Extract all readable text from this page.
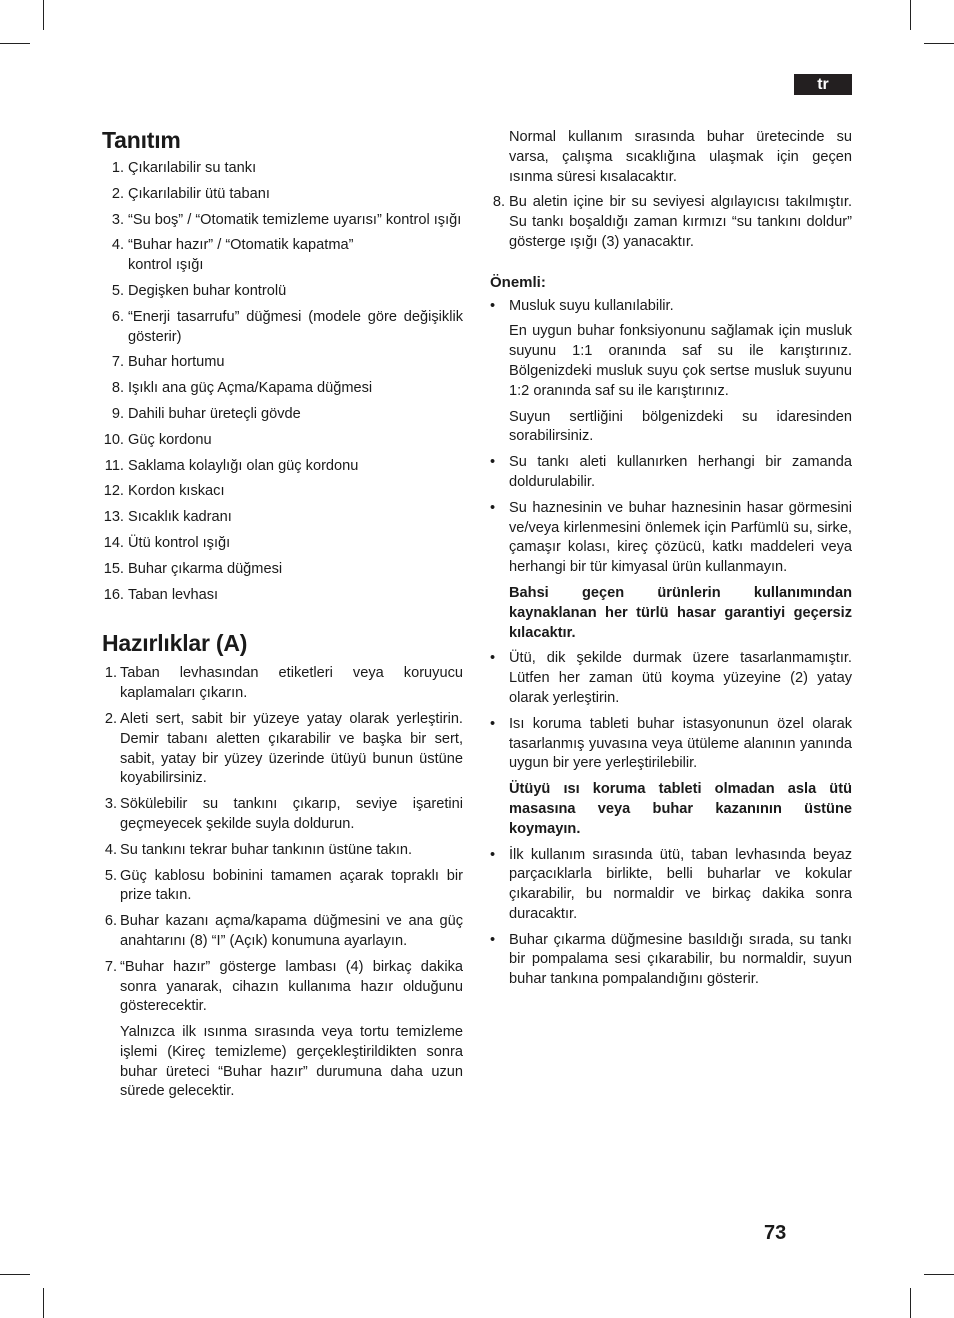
tr
Tanıtım
1. Çıkarılabilir su tankı
2. Çıkarılabilir ütü tabanı
3. “Su boş” / “Otomatik temizleme uyarısı” kontrol ışığı
4. “Buhar hazır” / “Otomatik kapatma” kontrol ışığı
5. Degişken buhar kontrolü
6. “Enerji tasarrufu” düğmesi (modele göre değişiklik gösterir)
7. Buhar hortumu
8. Işıklı ana güç Açma/Kapama düğmesi
9. Dahili buhar üreteçli gövde
10. Güç kordonu
11. Saklama kolaylığı olan güç kordonu
12. Kordon kıskacı
13. Sıcaklık kadranı
14. Ütü kontrol ışığı
15. Buhar çıkarma düğmesi
16. Taban levhası
Hazırlıklar (A)
1. Taban levhasından etiketleri veya koruyucu kaplamaları çıkarın.
2. Aleti sert, sabit bir yüzeye yatay olarak yerleştirin. Demir tabanı aletten çıkarabilir ve başka bir sert, sabit, yatay bir yüzey üzerinde ütüyü bunun üstüne koyabilirsiniz.
3. Sökülebilir su tankını çıkarıp, seviye işaretini geçmeyecek şekilde suyla doldurun.
4. Su tankını tekrar buhar tankının üstüne takın.
5. Güç kablosu bobinini tamamen açarak topraklı bir prize takın.
6. Buhar kazanı açma/kapama düğmesini ve ana güç anahtarını (8) “I” (Açık) konumuna ayarlayın.
7. “Buhar hazır” gösterge lambası (4) birkaç dakika sonra yanarak, cihazın kullanıma hazır olduğunu gösterecektir.

Yalnızca ilk ısınma sırasında veya tortu temizleme işlemi (Kireç temizleme) gerçekleştirildikten sonra buhar üreteci “Buhar hazır” durumuna daha uzun sürede gelecektir.

Normal kullanım sırasında buhar üretecinde su varsa, çalışma sıcaklığına ulaşmak için geçen ısınma süresi kısalacaktır.

8. Bu aletin içine bir su seviyesi algılayıcısı takılmıştır. Su tankı boşaldığı zaman kırmızı “su tankını doldur” gösterge ışığı (3) yanacaktır.

Önemli:

• Musluk suyu kullanılabilir.

En uygun buhar fonksiyonunu sağlamak için musluk suyunu 1:1 oranında saf su ile karıştırınız. Bölgenizdeki musluk suyu çok sertse musluk suyunu 1:2 oranında saf su ile karıştırınız.

Suyun sertliğini bölgenizdeki su idaresinden sorabilirsiniz.

• Su tankı aleti kullanırken herhangi bir zamanda doldurulabilir.
• Su haznesinin ve buhar haznesinin hasar görmesini ve/veya kirlenmesini önlemek için Parfümlü su, sirke, çamaşır kolası, kireç çözücü, katkı maddeleri veya herhangi bir tür kimyasal ürün kullanmayın.

Bahsi geçen ürünlerin kullanımından kaynaklanan her türlü hasar garantiyi geçersiz kılacaktır.

• Ütü, dik şekilde durmak üzere tasarlanmamıştır. Lütfen her zaman ütü koyma yüzeyine (2) yatay olarak yerleştirin.
• Isı koruma tableti buhar istasyonunun özel olarak tasarlanmış yuvasına veya ütüleme alanının yanında uygun bir yere yerleştirilebilir.

Ütüyü ısı koruma tableti olmadan asla ütü masasına veya buhar kazanının üstüne koymayın.

• İlk kullanım sırasında ütü, taban levhasında beyaz parçacıklarla birlikte, belli buharlar ve kokular çıkarabilir, bu normaldir ve birkaç dakika sonra duracaktır.
• Buhar çıkarma düğmesine basıldığı sırada, su tankı bir pompalama sesi çıkarabilir, bu normaldir, suyun buhar tankına pompalandığını gösterir.
73
